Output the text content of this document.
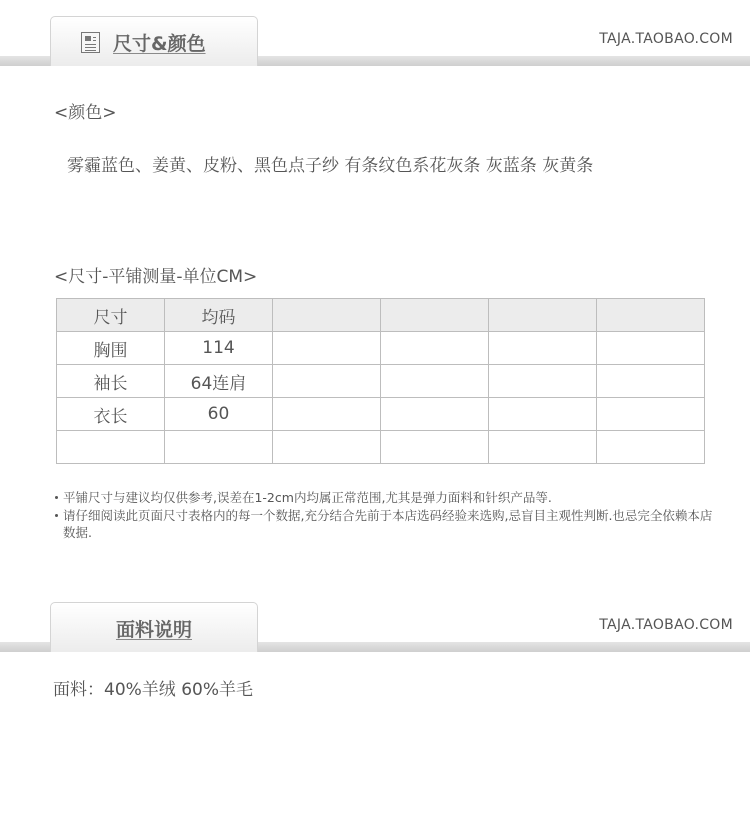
尺寸&颜色	TAJA.TAOBAO.COM
<颜色>
雾霾蓝色、姜黄、皮粉、黑色点子纱 有条纹色系花灰条 灰蓝条 灰黄条
<尺寸-平铺测量-单位CM>
尺寸	均码				
胸围	114				
袖长	64连肩				
衣长	60				

平铺尺寸与建议均仅供参考,误差在1-2cm内均属正常范围,尤其是弹力面料和针织产品等.
请仔细阅读此页面尺寸表格内的每一个数据,充分结合先前于本店选码经验来选购,忌盲目主观性判断.也忌完全依赖本店数据.
面料说明	TAJA.TAOBAO.COM
面料：40%羊绒 60%羊毛
